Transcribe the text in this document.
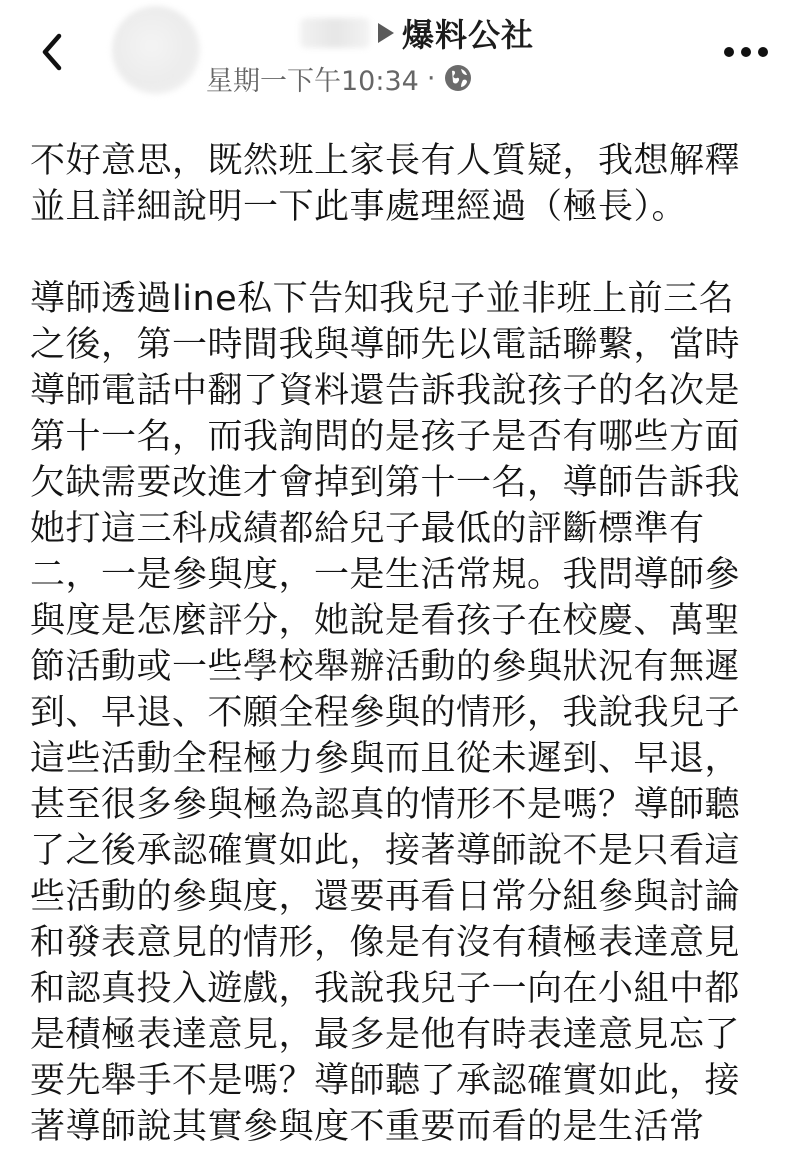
爆料公社
星期一下午10:34 ·
不好意思，既然班上家長有人質疑，我想解釋
並且詳細說明一下此事處理經過（極長）。
導師透過line私下告知我兒子並非班上前三名
之後，第一時間我與導師先以電話聯繫，當時
導師電話中翻了資料還告訴我說孩子的名次是
第十一名，而我詢問的是孩子是否有哪些方面
欠缺需要改進才會掉到第十一名，導師告訴我
她打這三科成績都給兒子最低的評斷標準有
二，一是參與度，一是生活常規。我問導師參
與度是怎麼評分，她說是看孩子在校慶、萬聖
節活動或一些學校舉辦活動的參與狀況有無遲
到、早退、不願全程參與的情形，我說我兒子
這些活動全程極力參與而且從未遲到、早退，
甚至很多參與極為認真的情形不是嗎？導師聽
了之後承認確實如此，接著導師說不是只看這
些活動的參與度，還要再看日常分組參與討論
和發表意見的情形，像是有沒有積極表達意見
和認真投入遊戲，我說我兒子一向在小組中都
是積極表達意見，最多是他有時表達意見忘了
要先舉手不是嗎？導師聽了承認確實如此，接
著導師說其實參與度不重要而看的是生活常
